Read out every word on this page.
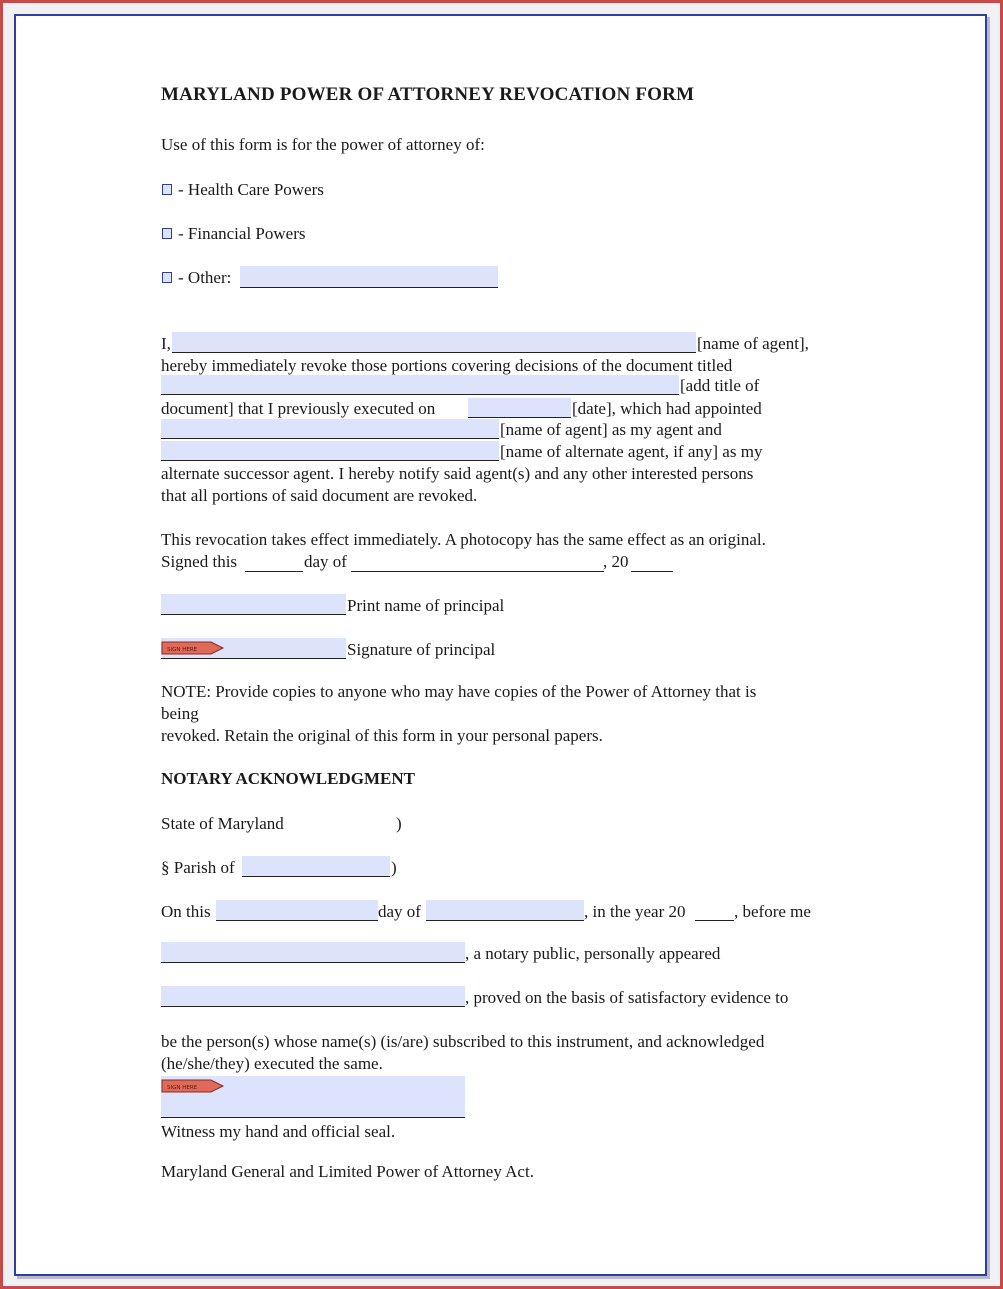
MARYLAND POWER OF ATTORNEY REVOCATION FORM
Use of this form is for the power of attorney of:
- Health Care Powers
- Financial Powers
- Other:
I,	[name of agent],
hereby immediately revoke those portions covering decisions of the document titled
[add title of
document] that I previously executed on	[date], which had appointed
[name of agent] as my agent and
[name of alternate agent, if any] as my
alternate successor agent. I hereby notify said agent(s) and any other interested persons
that all portions of said document are revoked.
This revocation takes effect immediately. A photocopy has the same effect as an original.
Signed this	day of	, 20
Print name of principal
SIGN HERE	Signature of principal
NOTE: Provide copies to anyone who may have copies of the Power of Attorney that is
being
revoked. Retain the original of this form in your personal papers.
NOTARY ACKNOWLEDGMENT
State of Maryland	)
§ Parish of	)
On this	day of	, in the year 20	, before me
, a notary public, personally appeared
, proved on the basis of satisfactory evidence to
be the person(s) whose name(s) (is/are) subscribed to this instrument, and acknowledged
(he/she/they) executed the same.
SIGN HERE
Witness my hand and official seal.
Maryland General and Limited Power of Attorney Act.
